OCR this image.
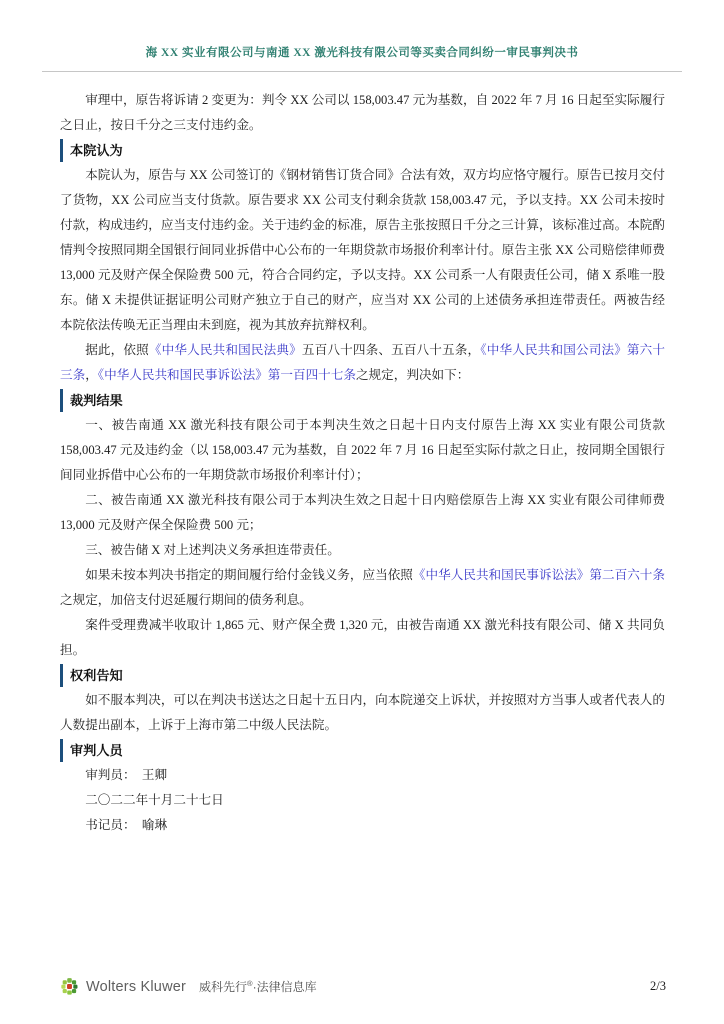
海 XX 实业有限公司与南通 XX 激光科技有限公司等买卖合同纠纷一审民事判决书

审理中，原告将诉请 2 变更为：判令 XX 公司以 158,003.47 元为基数，自 2022 年 7 月 16 日起至实际履行之日止，按日千分之三支付违约金。

本院认为

本院认为，原告与 XX 公司签订的《钢材销售订货合同》合法有效，双方均应恪守履行。原告已按月交付了货物，XX 公司应当支付货款。原告要求 XX 公司支付剩余货款 158,003.47 元，予以支持。XX 公司未按时付款，构成违约，应当支付违约金。关于违约金的标准，原告主张按照日千分之三计算，该标准过高。本院酌情判令按照同期全国银行间同业拆借中心公布的一年期贷款市场报价利率计付。原告主张 XX 公司赔偿律师费 13,000 元及财产保全保险费 500 元，符合合同约定，予以支持。XX 公司系一人有限责任公司，储 X 系唯一股东。储 X 未提供证据证明公司财产独立于自己的财产，应当对 XX 公司的上述债务承担连带责任。两被告经本院依法传唤无正当理由未到庭，视为其放弃抗辩权利。

据此，依照《中华人民共和国民法典》五百八十四条、五百八十五条，《中华人民共和国公司法》第六十三条，《中华人民共和国民事诉讼法》第一百四十七条之规定，判决如下：

裁判结果

一、被告南通 XX 激光科技有限公司于本判决生效之日起十日内支付原告上海 XX 实业有限公司货款 158,003.47 元及违约金（以 158,003.47 元为基数，自 2022 年 7 月 16 日起至实际付款之日止，按同期全国银行间同业拆借中心公布的一年期贷款市场报价利率计付）；

二、被告南通 XX 激光科技有限公司于本判决生效之日起十日内赔偿原告上海 XX 实业有限公司律师费 13,000 元及财产保全保险费 500 元；

三、被告储 X 对上述判决义务承担连带责任。

如果未按本判决书指定的期间履行给付金钱义务，应当依照《中华人民共和国民事诉讼法》第二百六十条之规定，加倍支付迟延履行期间的债务利息。

案件受理费减半收取计 1,865 元、财产保全费 1,320 元，由被告南通 XX 激光科技有限公司、储 X 共同负担。

权利告知

如不服本判决，可以在判决书送达之日起十五日内，向本院递交上诉状，并按照对方当事人或者代表人的人数提出副本，上诉于上海市第二中级人民法院。

审判人员

审判员：　王卿

二〇二二年十月二十七日

书记员：　喻琳

Wolters Kluwer 威科先行®·法律信息库	2/3
